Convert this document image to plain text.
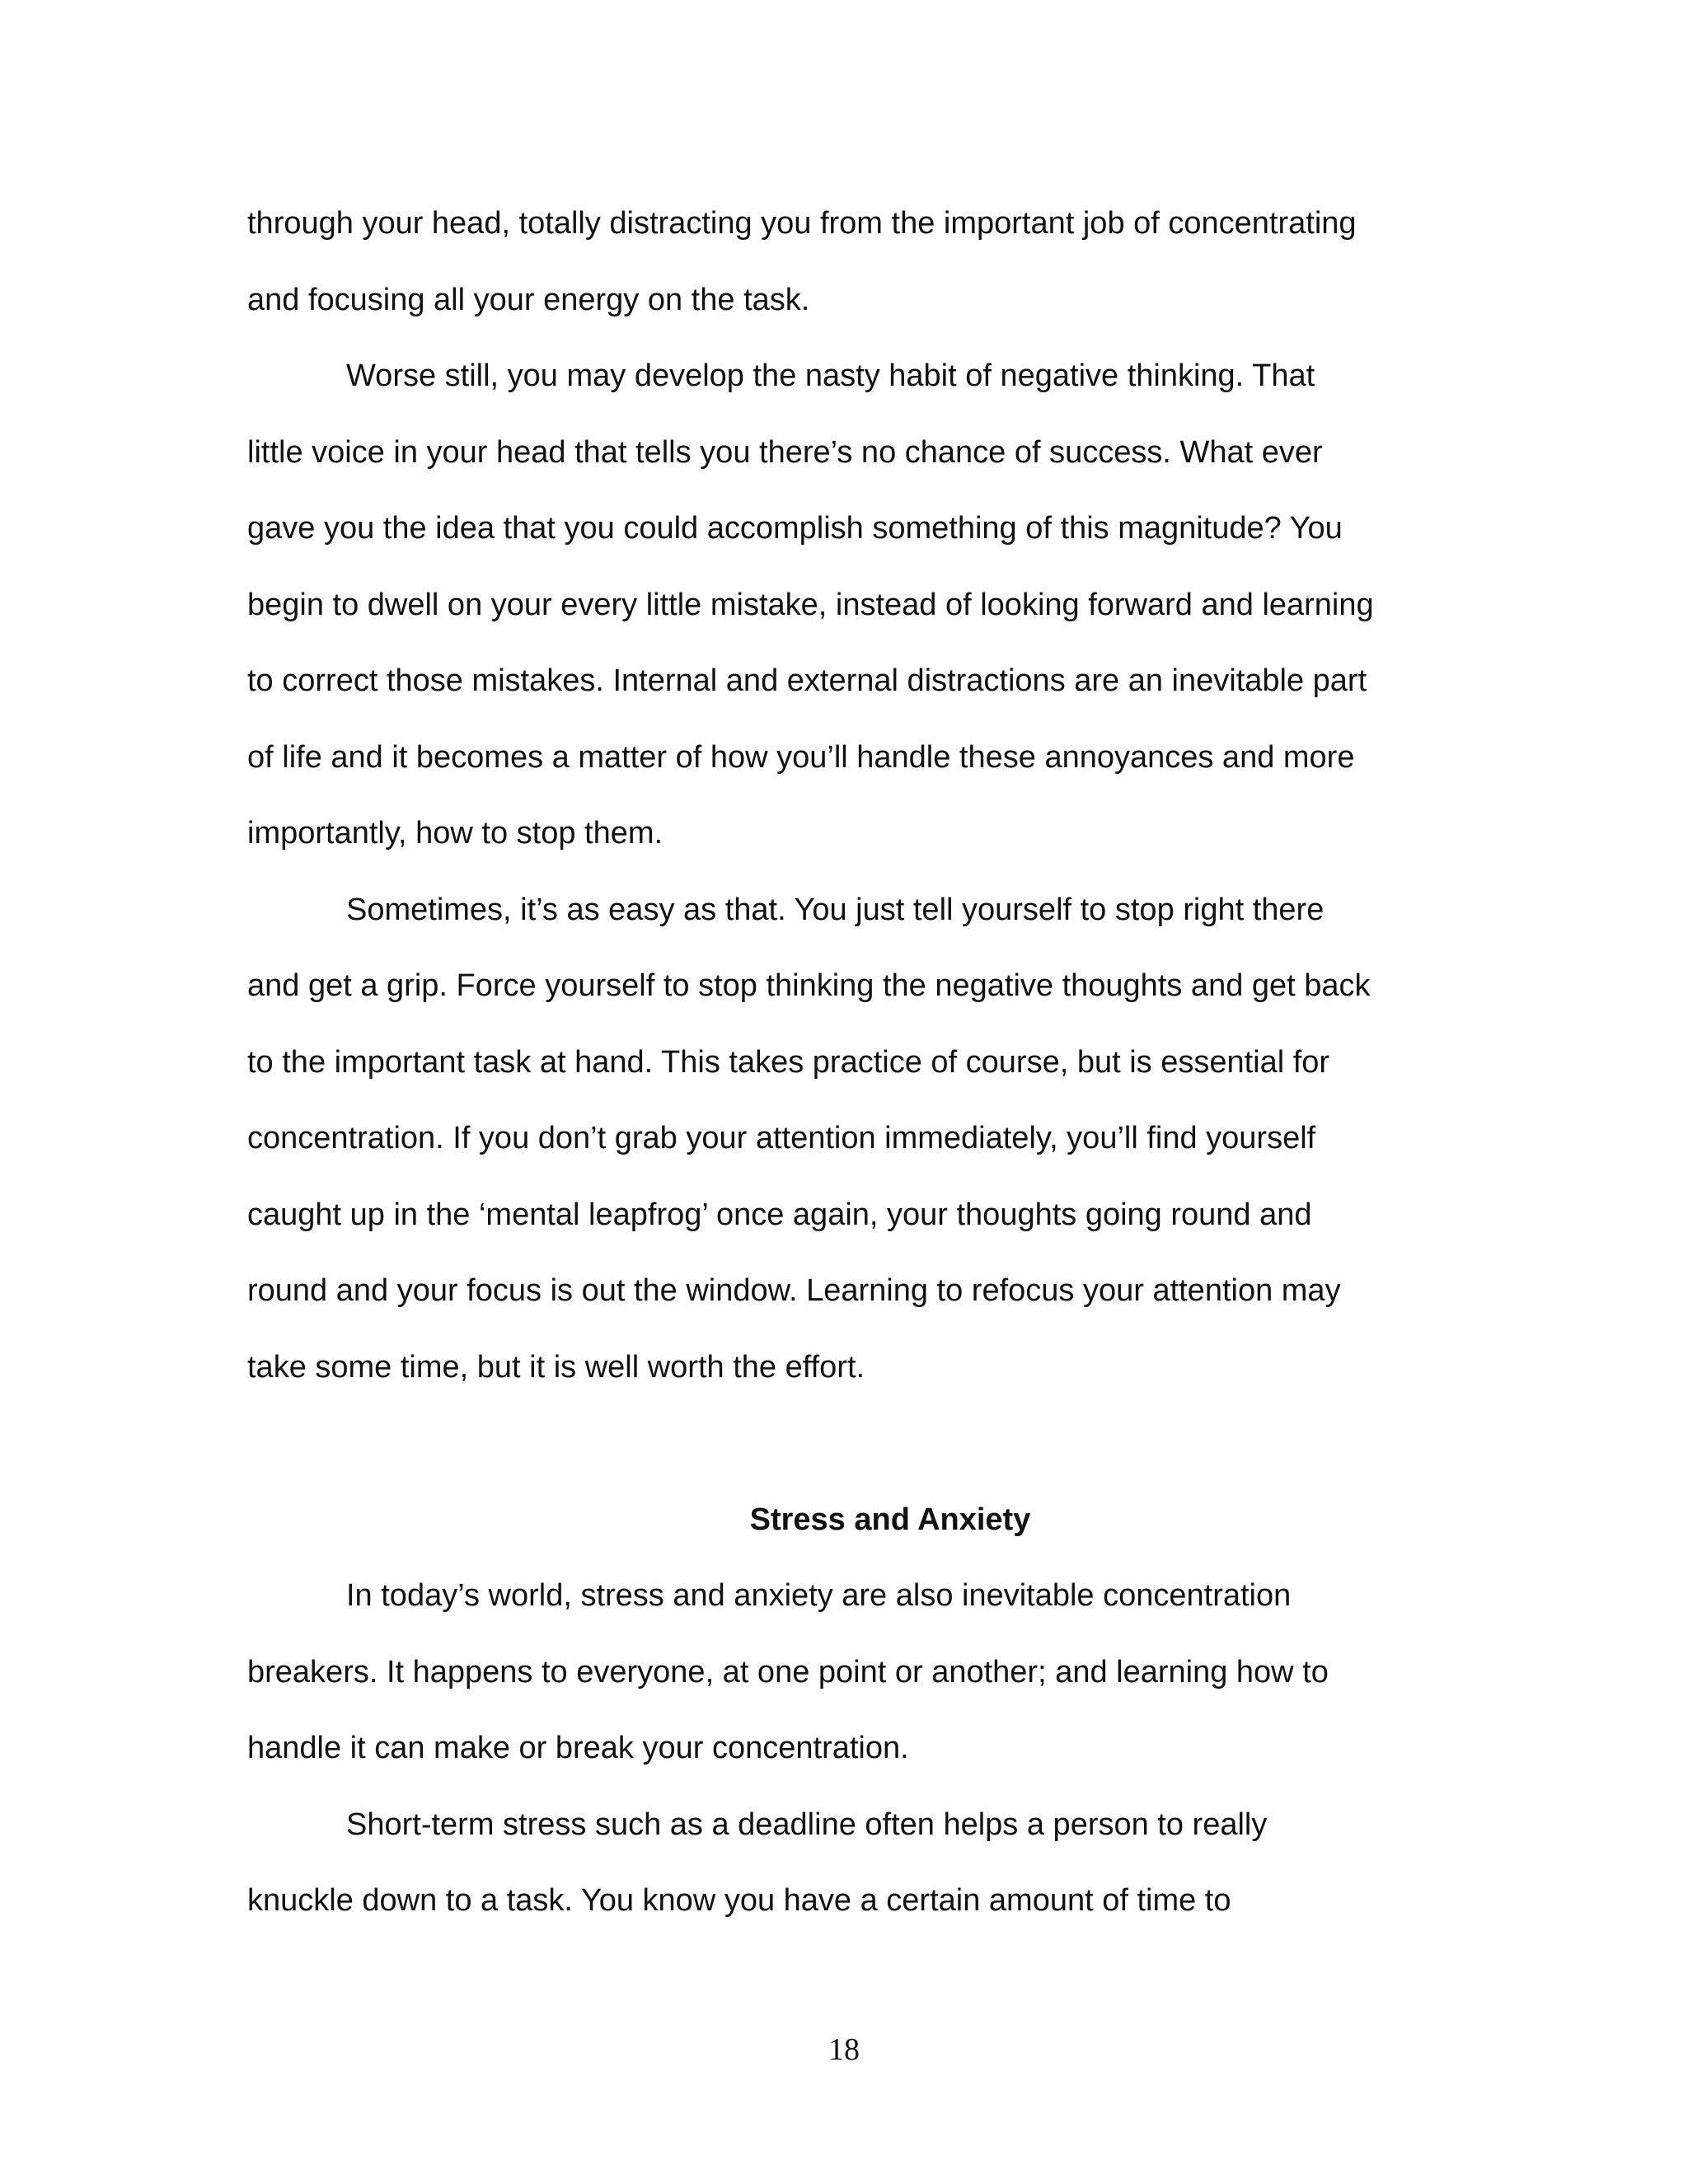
through your head, totally distracting you from the important job of concentrating
and focusing all your energy on the task.

Worse still, you may develop the nasty habit of negative thinking. That
little voice in your head that tells you there’s no chance of success. What ever
gave you the idea that you could accomplish something of this magnitude? You
begin to dwell on your every little mistake, instead of looking forward and learning
to correct those mistakes. Internal and external distractions are an inevitable part
of life and it becomes a matter of how you’ll handle these annoyances and more
importantly, how to stop them.

Sometimes, it’s as easy as that. You just tell yourself to stop right there
and get a grip. Force yourself to stop thinking the negative thoughts and get back
to the important task at hand. This takes practice of course, but is essential for
concentration. If you don’t grab your attention immediately, you’ll find yourself
caught up in the ‘mental leapfrog’ once again, your thoughts going round and
round and your focus is out the window. Learning to refocus your attention may
take some time, but it is well worth the effort.

Stress and Anxiety

In today’s world, stress and anxiety are also inevitable concentration
breakers. It happens to everyone, at one point or another; and learning how to
handle it can make or break your concentration.

Short-term stress such as a deadline often helps a person to really
knuckle down to a task. You know you have a certain amount of time to

18
